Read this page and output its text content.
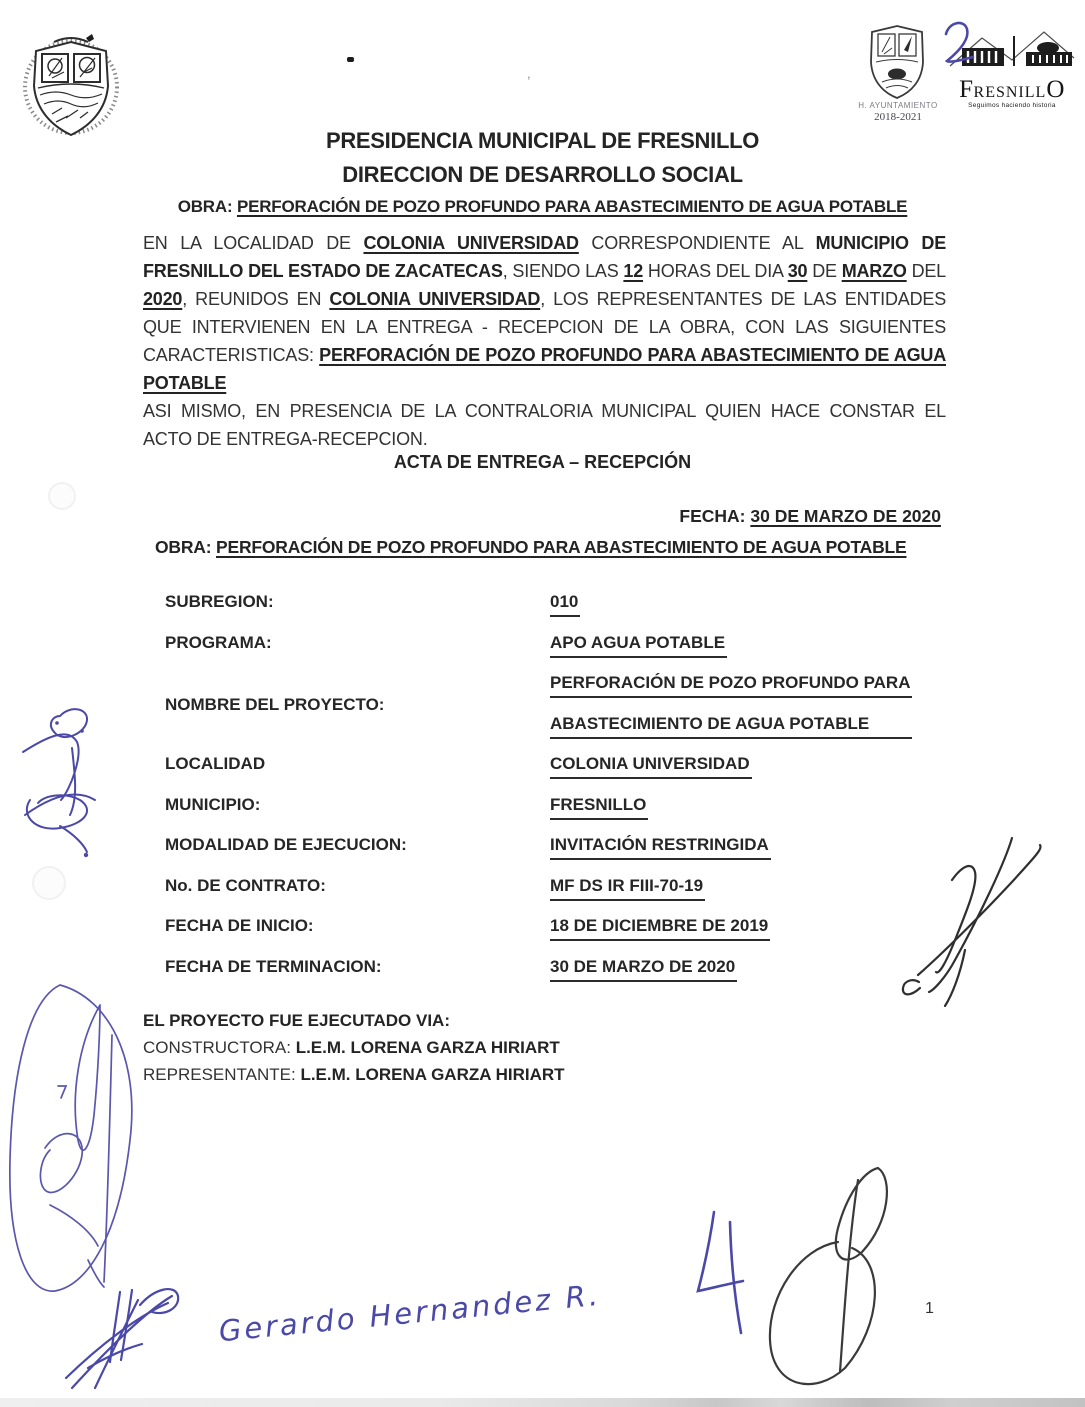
,
H. AYUNTAMIENTO
2018-2021
FRESNILLO
Seguimos haciendo historia
PRESIDENCIA MUNICIPAL DE FRESNILLO
DIRECCION DE DESARROLLO SOCIAL
OBRA: PERFORACIÓN DE POZO PROFUNDO PARA ABASTECIMIENTO DE AGUA POTABLE
EN LA LOCALIDAD DE COLONIA UNIVERSIDAD CORRESPONDIENTE AL MUNICIPIO DE
FRESNILLO DEL ESTADO DE ZACATECAS, SIENDO LAS 12 HORAS DEL DIA 30 DE MARZO DEL
2020, REUNIDOS EN COLONIA UNIVERSIDAD, LOS REPRESENTANTES DE LAS ENTIDADES
QUE INTERVIENEN EN LA ENTREGA - RECEPCION DE LA OBRA, CON LAS SIGUIENTES
CARACTERISTICAS: PERFORACIÓN DE POZO PROFUNDO PARA ABASTECIMIENTO DE AGUA
POTABLE
ASI MISMO, EN PRESENCIA DE LA CONTRALORIA MUNICIPAL QUIEN HACE CONSTAR EL
ACTO DE ENTREGA-RECEPCION.
ACTA DE ENTREGA – RECEPCIÓN
FECHA: 30 DE MARZO DE 2020
OBRA: PERFORACIÓN DE POZO PROFUNDO PARA ABASTECIMIENTO DE AGUA POTABLE
SUBREGION:	010
PROGRAMA:	APO AGUA POTABLE
NOMBRE DEL PROYECTO:
PERFORACIÓN DE POZO PROFUNDO PARA
ABASTECIMIENTO DE AGUA POTABLE
LOCALIDAD	COLONIA UNIVERSIDAD
MUNICIPIO:	FRESNILLO
MODALIDAD DE EJECUCION:	INVITACIÓN RESTRINGIDA
No. DE CONTRATO:	MF DS IR FIII-70-19
FECHA DE INICIO:	18 DE DICIEMBRE DE 2019
FECHA DE TERMINACION:	30 DE MARZO DE 2020
EL PROYECTO FUE EJECUTADO VIA:
CONSTRUCTORA: L.E.M. LORENA GARZA HIRIART
REPRESENTANTE: L.E.M. LORENA GARZA HIRIART
Gerardo Hernandez R.	1
